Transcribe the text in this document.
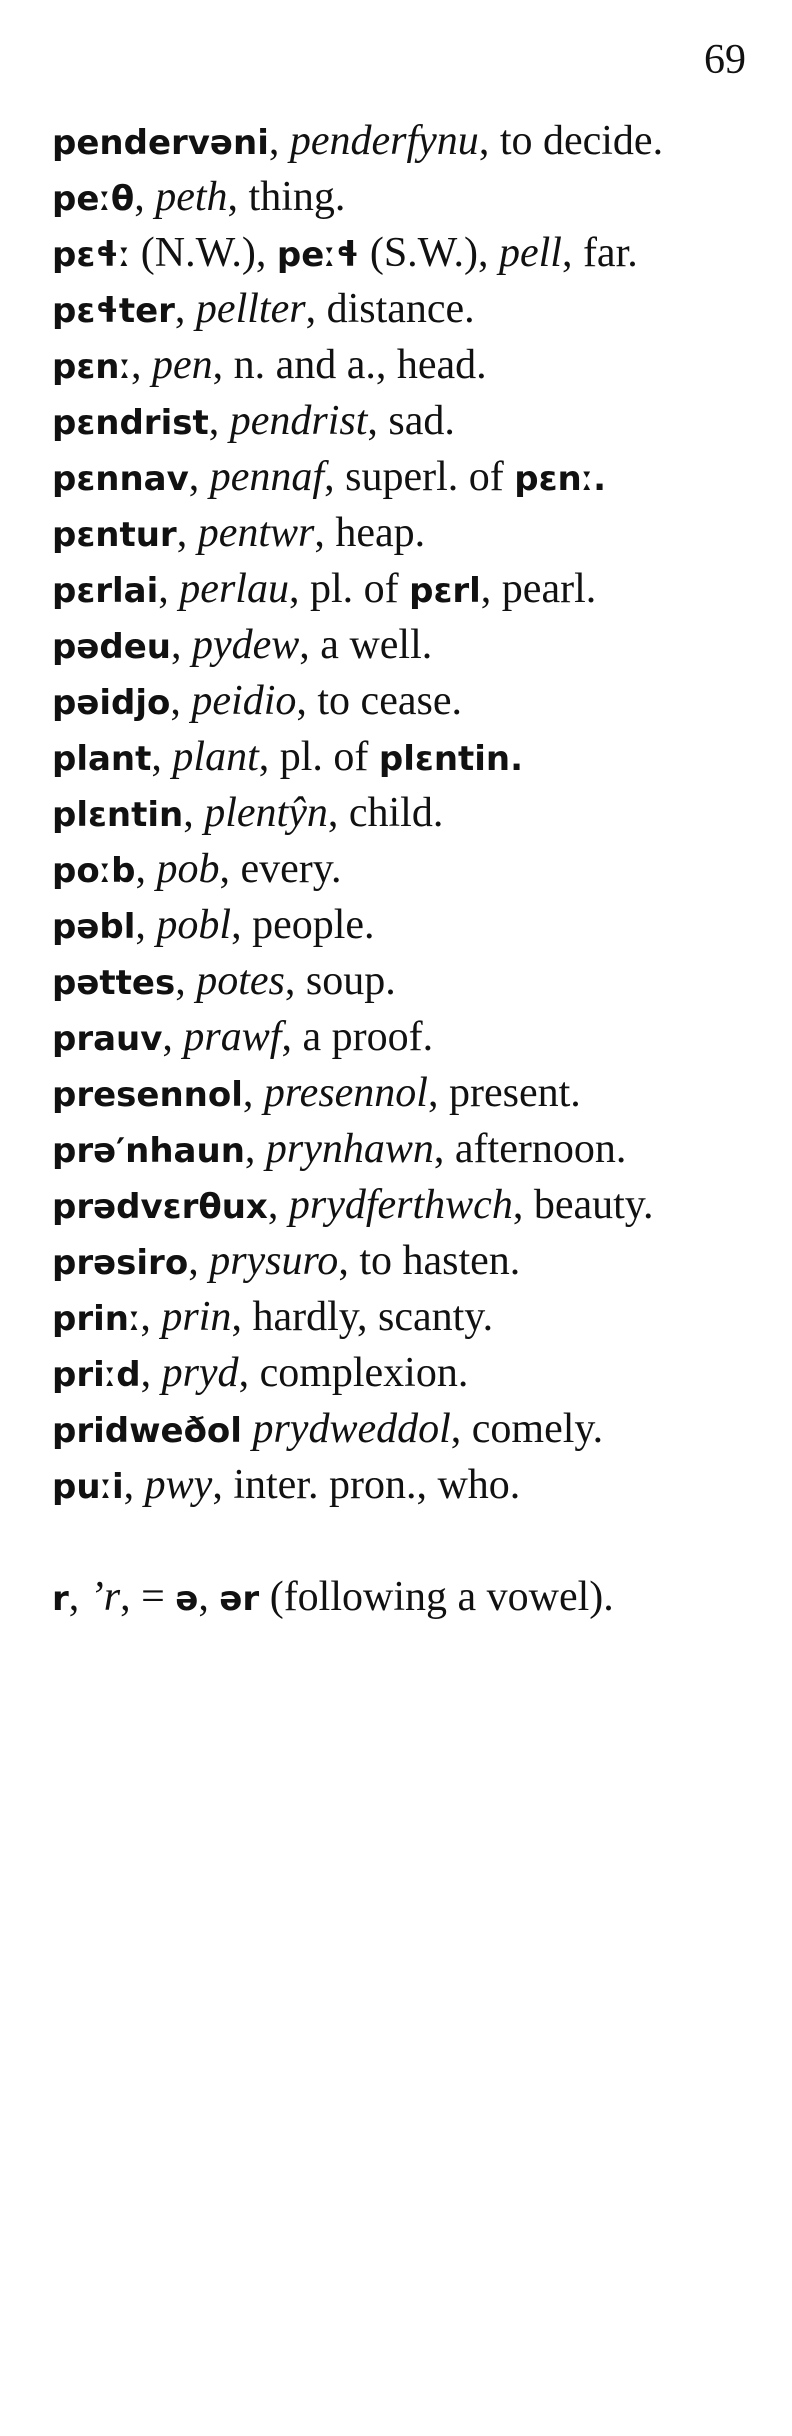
69

pendervəni, penderfynu, to decide.

peːθ, peth, thing.

pɛɬː (N.W.), peːɬ (S.W.), pell, far.

pɛɬter, pellter, distance.

pɛnː, pen, n. and a., head.

pɛndrist, pendrist, sad.

pɛnnav, pennaf, superl. of pɛnː.

pɛntur, pentwr, heap.

pɛrlai, perlau, pl. of pɛrl, pearl.

pədeu, pydew, a well.

pəidjo, peidio, to cease.

plant, plant, pl. of plɛntin.

plɛntin, plentŷn, child.

poːb, pob, every.

pəbl, pobl, people.

pəttes, potes, soup.

prauv, prawf, a proof.

presennol, presennol, present.

prə′nhaun, prynhawn, afternoon.

prədvɛrθux, prydferthwch, beauty.

prəsiro, prysuro, to hasten.

prinː, prin, hardly, scanty.

priːd, pryd, complexion.

pridweðol prydweddol, comely.

puːi, pwy, inter. pron., who.

r, ’r, = ə, ər (following a vowel).
